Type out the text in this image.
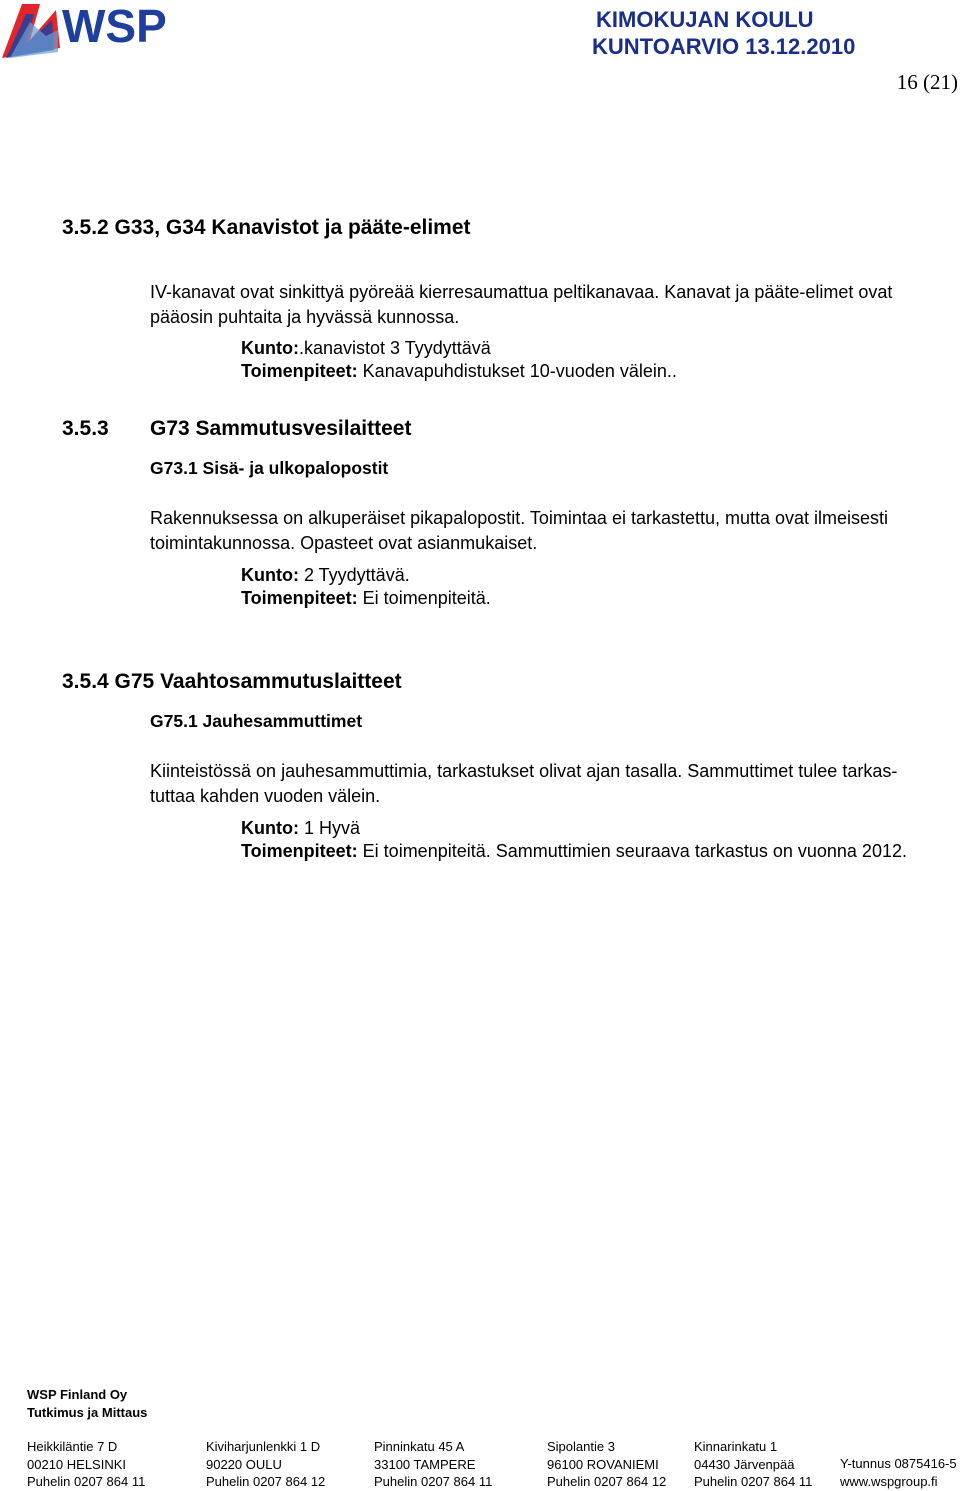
WSP	KIMOKUJAN KOULU
KUNTOARVIO 13.12.2010
16 (21)
3.5.2 G33, G34 Kanavistot ja pääte-elimet
IV-kanavat ovat sinkittyä pyöreää kierresaumattua peltikanavaa. Kanavat ja pääte-elimet ovat
pääosin puhtaita ja hyvässä kunnossa.
Kunto:.kanavistot 3 Tyydyttävä
Toimenpiteet: Kanavapuhdistukset 10-vuoden välein..
3.5.3 G73 Sammutusvesilaitteet
G73.1 Sisä- ja ulkopalopostit
Rakennuksessa on alkuperäiset pikapalopostit. Toimintaa ei tarkastettu, mutta ovat ilmeisesti
toimintakunnossa. Opasteet ovat asianmukaiset.
Kunto: 2 Tyydyttävä.
Toimenpiteet: Ei toimenpiteitä.
3.5.4 G75 Vaahtosammutuslaitteet
G75.1 Jauhesammuttimet
Kiinteistössä on jauhesammuttimia, tarkastukset olivat ajan tasalla. Sammuttimet tulee tarkas-
tuttaa kahden vuoden välein.
Kunto: 1 Hyvä
Toimenpiteet: Ei toimenpiteitä. Sammuttimien seuraava tarkastus on vuonna 2012.
WSP Finland Oy
Tutkimus ja Mittaus
Heikkiläntie 7 D
00210 HELSINKI
Puhelin 0207 864 11
Kiviharjunlenkki 1 D
90220 OULU
Puhelin 0207 864 12
Pinninkatu 45 A
33100 TAMPERE
Puhelin 0207 864 11
Sipolantie 3
96100 ROVANIEMI
Puhelin 0207 864 12
Kinnarinkatu 1
04430 Järvenpää
Puhelin 0207 864 11
Y-tunnus 0875416-5
www.wspgroup.fi
